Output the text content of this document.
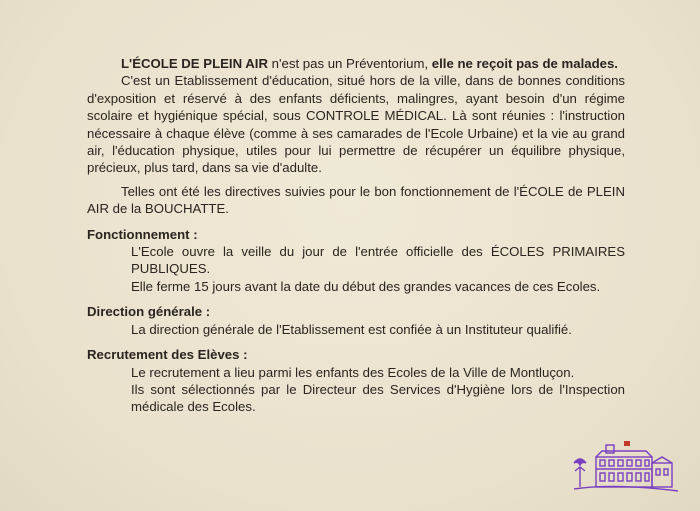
L'ÉCOLE DE PLEIN AIR n'est pas un Préventorium, elle ne reçoit pas de malades.

C'est un Etablissement d'éducation, situé hors de la ville, dans de bonnes conditions d'exposition et réservé à des enfants déficients, malingres, ayant besoin d'un régime scolaire et hygiénique spécial, sous CONTROLE MÉDICAL. Là sont réunies : l'instruction nécessaire à chaque élève (comme à ses camarades de l'Ecole Urbaine) et la vie au grand air, l'éducation physique, utiles pour lui permettre de récupérer un équilibre physique, précieux, plus tard, dans sa vie d'adulte.

Telles ont été les directives suivies pour le bon fonctionnement de l'ÉCOLE de PLEIN AIR de la BOUCHATTE.

Fonctionnement :

L'Ecole ouvre la veille du jour de l'entrée officielle des ÉCOLES PRIMAIRES PUBLIQUES.

Elle ferme 15 jours avant la date du début des grandes vacances de ces Ecoles.

Direction générale :

La direction générale de l'Etablissement est confiée à un Instituteur qualifié.

Recrutement des Elèves :

Le recrutement a lieu parmi les enfants des Ecoles de la Ville de Montluçon.

Ils sont sélectionnés par le Directeur des Services d'Hygiène lors de l'Inspection médicale des Ecoles.
